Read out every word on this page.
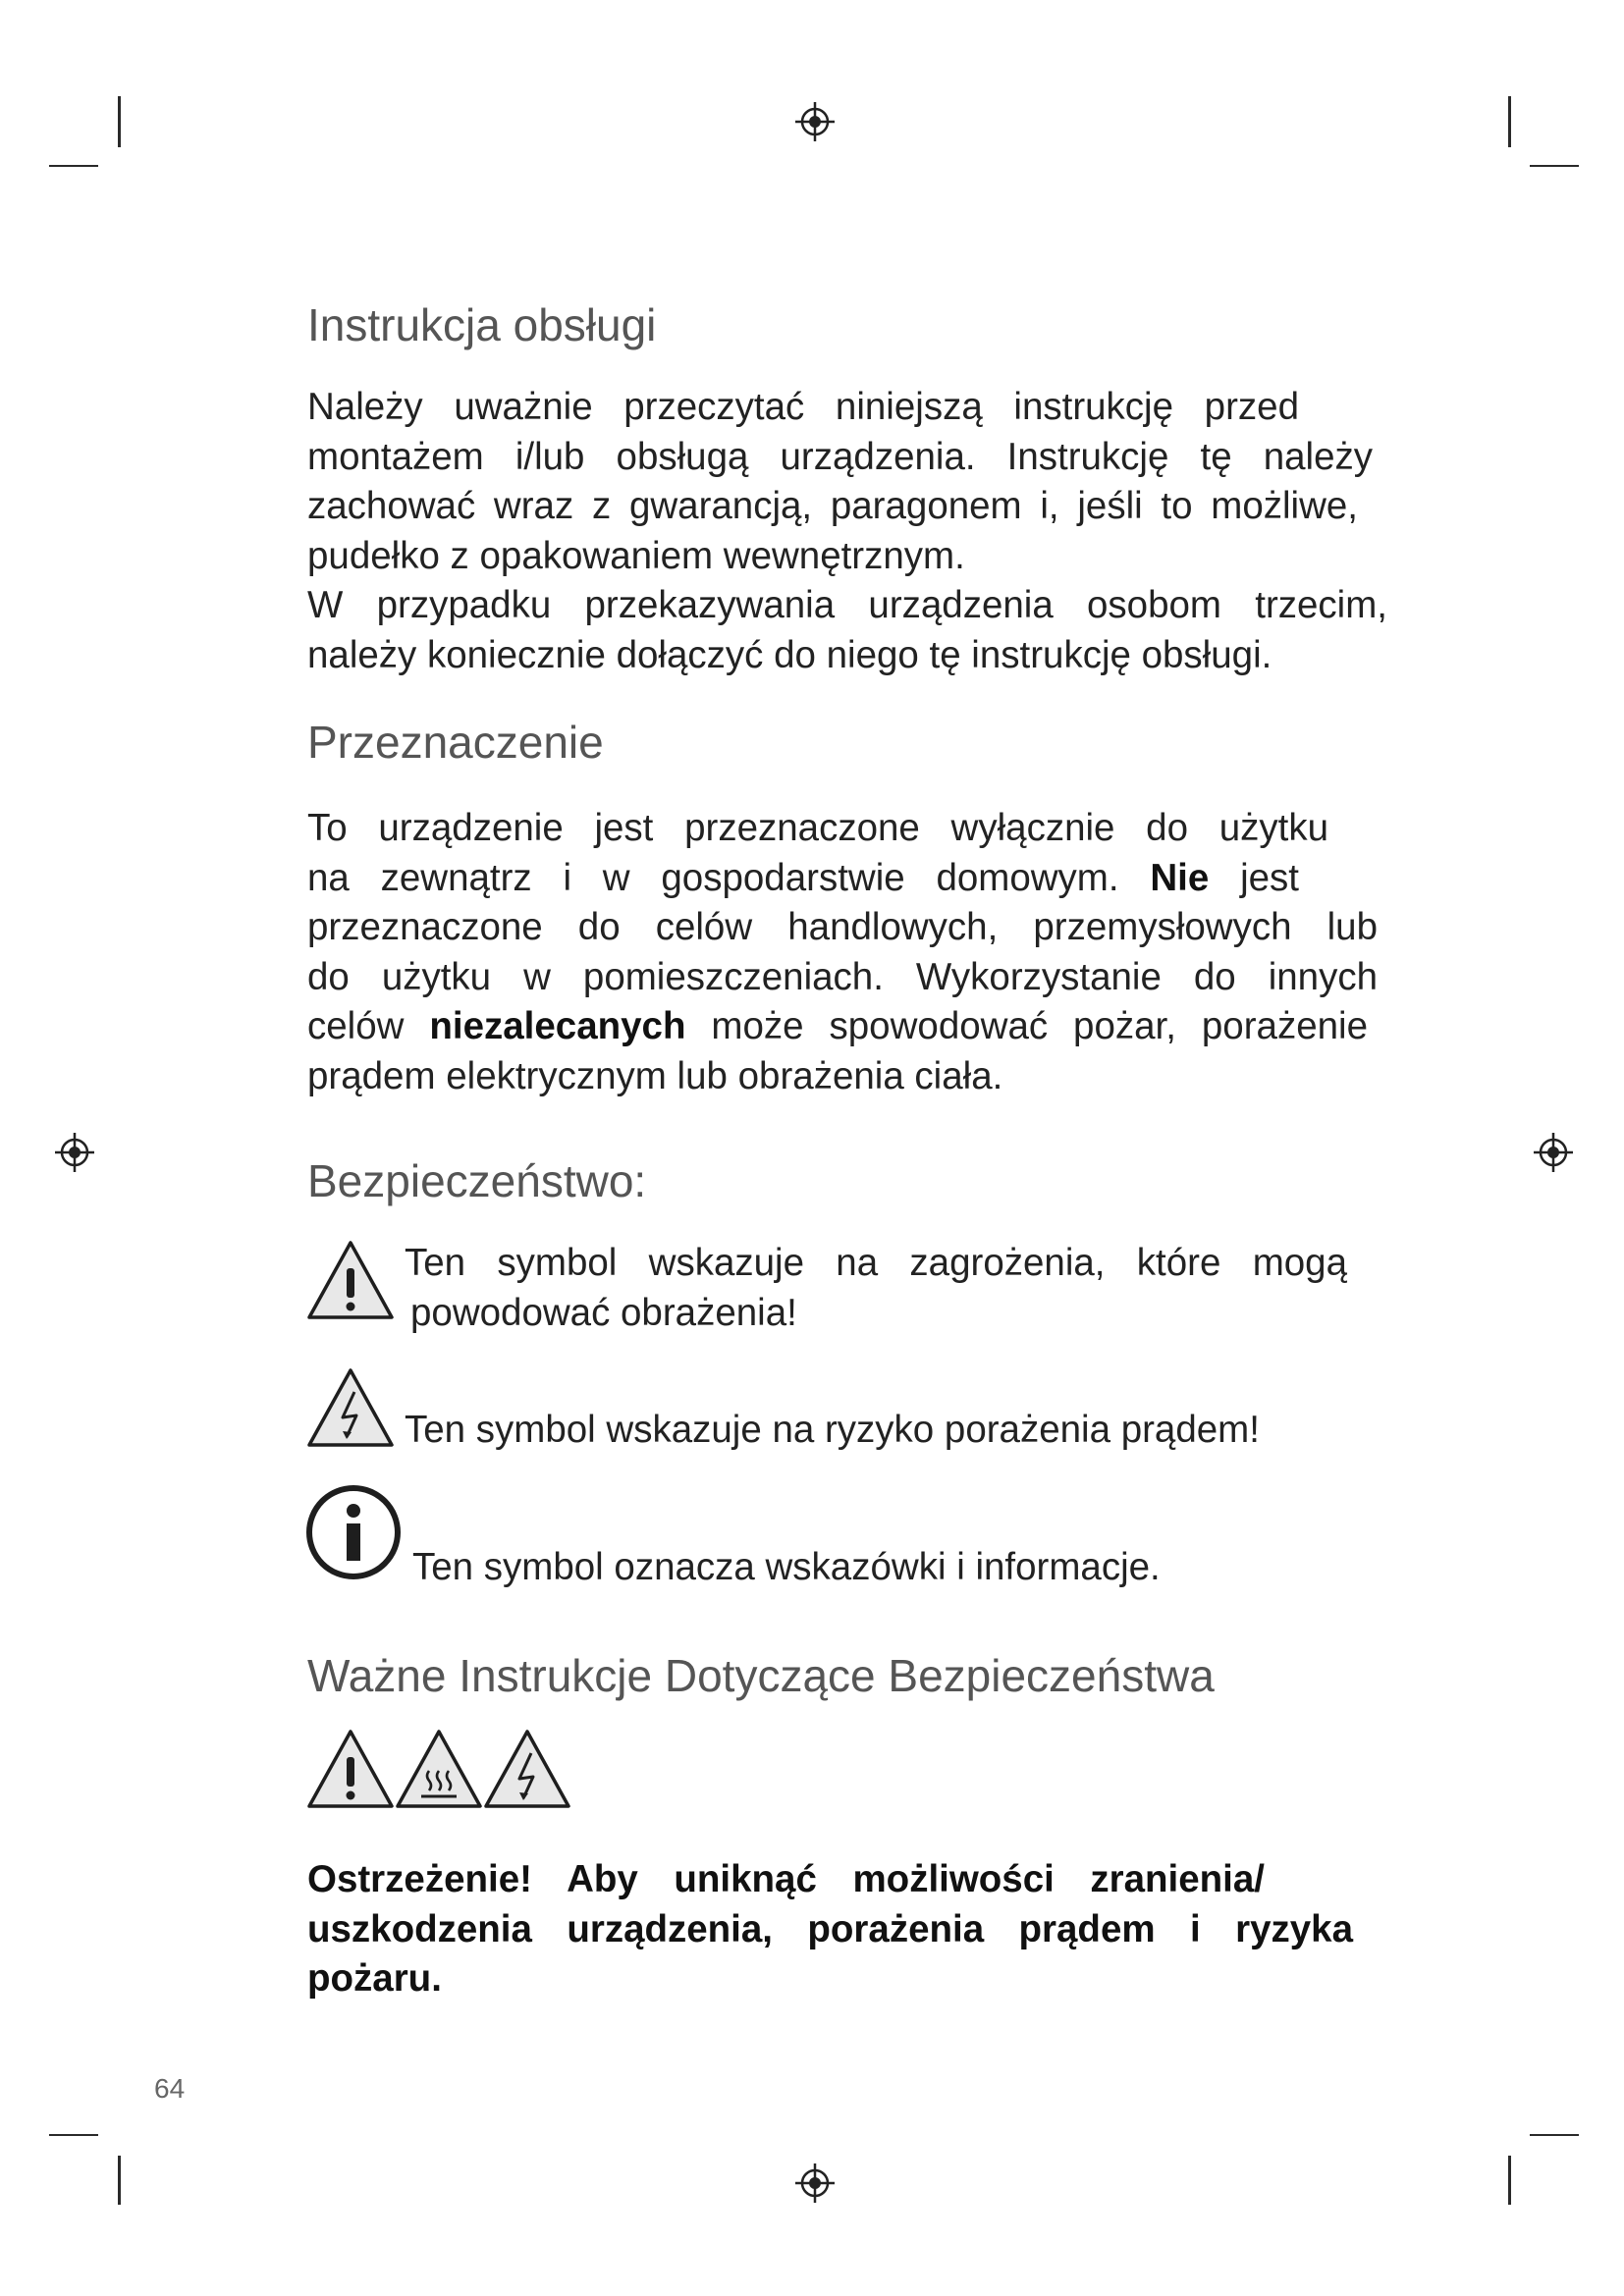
Instrukcja obsługi
Należy uważnie przeczytać niniejszą instrukcję przed
montażem i/lub obsługą urządzenia. Instrukcję tę należy
zachować wraz z gwarancją, paragonem i, jeśli to możliwe,
pudełko z opakowaniem wewnętrznym.
W przypadku przekazywania urządzenia osobom trzecim,
należy koniecznie dołączyć do niego tę instrukcję obsługi.
Przeznaczenie
To urządzenie jest przeznaczone wyłącznie do użytku
na zewnątrz i w gospodarstwie domowym. Nie jest
przeznaczone do celów handlowych, przemysłowych lub
do użytku w pomieszczeniach. Wykorzystanie do innych
celów niezalecanych może spowodować pożar, porażenie
prądem elektrycznym lub obrażenia ciała.
Bezpieczeństwo:
Ten symbol wskazuje na zagrożenia, które mogą
powodować obrażenia!
Ten symbol wskazuje na ryzyko porażenia prądem!
Ten symbol oznacza wskazówki i informacje.
Ważne Instrukcje Dotyczące Bezpieczeństwa
Ostrzeżenie! Aby uniknąć możliwości zranienia/
uszkodzenia urządzenia, porażenia prądem i ryzyka
pożaru.
64
